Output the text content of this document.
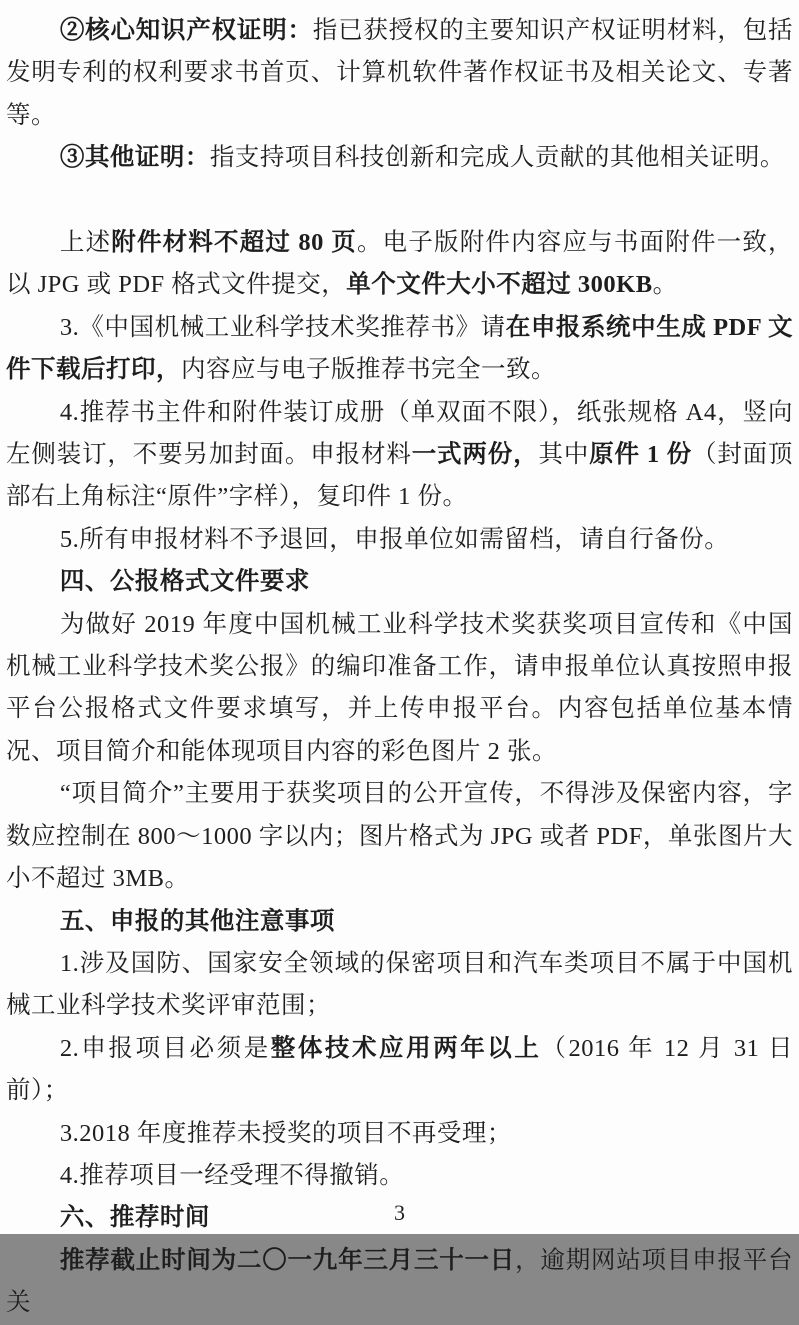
②核心知识产权证明：指已获授权的主要知识产权证明材料，包括发明专利的权利要求书首页、计算机软件著作权证书及相关论文、专著等。

③其他证明：指支持项目科技创新和完成人贡献的其他相关证明。

上述附件材料不超过 80 页。电子版附件内容应与书面附件一致，以 JPG 或 PDF 格式文件提交，单个文件大小不超过 300KB。

3.《中国机械工业科学技术奖推荐书》请在申报系统中生成 PDF 文件下载后打印，内容应与电子版推荐书完全一致。

4.推荐书主件和附件装订成册（单双面不限），纸张规格 A4，竖向左侧装订，不要另加封面。申报材料一式两份，其中原件 1 份（封面顶部右上角标注“原件”字样），复印件 1 份。

5.所有申报材料不予退回，申报单位如需留档，请自行备份。

四、公报格式文件要求

为做好 2019 年度中国机械工业科学技术奖获奖项目宣传和《中国机械工业科学技术奖公报》的编印准备工作，请申报单位认真按照申报平台公报格式文件要求填写，并上传申报平台。内容包括单位基本情况、项目简介和能体现项目内容的彩色图片 2 张。

“项目简介”主要用于获奖项目的公开宣传，不得涉及保密内容，字数应控制在 800～1000 字以内；图片格式为 JPG 或者 PDF，单张图片大小不超过 3MB。

五、申报的其他注意事项

1.涉及国防、国家安全领域的保密项目和汽车类项目不属于中国机械工业科学技术奖评审范围；

2.申报项目必须是整体技术应用两年以上（2016 年 12 月 31 日前）；

3.2018 年度推荐未授奖的项目不再受理；

4.推荐项目一经受理不得撤销。

六、推荐时间

推荐截止时间为二〇一九年三月三十一日，逾期网站项目申报平台关

3
